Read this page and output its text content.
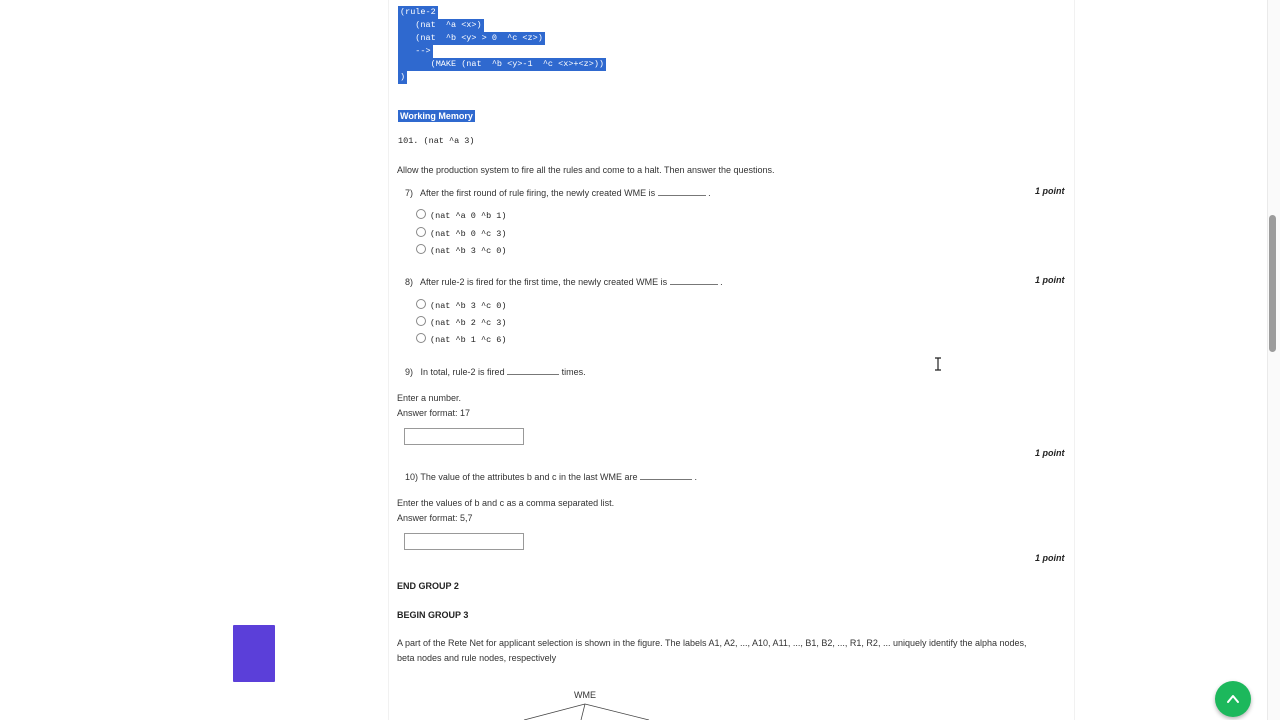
(rule-2
(nat  ^a <x>)
(nat  ^b <y> > 0  ^c <z>)
-->
(MAKE (nat  ^b <y>-1  ^c <x>+<z>))
)
Working Memory
101. (nat ^a 3)
Allow the production system to fire all the rules and come to a halt. Then answer the questions.
7) After the first round of rule firing, the newly created WME is	.	1 point
(nat ^a 0 ^b 1)
(nat ^b 0 ^c 3)
(nat ^b 3 ^c 0)
8) After rule-2 is fired for the first time, the newly created WME is	.	1 point
(nat ^b 3 ^c 0)
(nat ^b 2 ^c 3)
(nat ^b 1 ^c 6)
9) In total, rule-2 is fired	times.
Enter a number.
Answer format: 17
1 point
10) The value of the attributes b and c in the last WME are	.
Enter the values of b and c as a comma separated list.
Answer format: 5,7
1 point
END GROUP 2
BEGIN GROUP 3
A part of the Rete Net for applicant selection is shown in the figure. The labels A1, A2, ..., A10, A11, ..., B1, B2, ..., R1, R2, ... uniquely identify the alpha nodes,
beta nodes and rule nodes, respectively
WME
